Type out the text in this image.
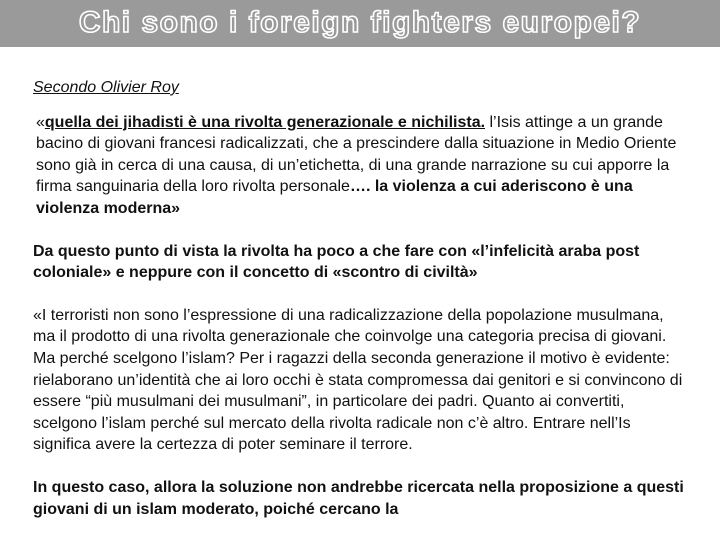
Chi sono i foreign fighters europei?
Secondo Olivier Roy

«quella dei jihadisti è una rivolta generazionale e nichilista. l’Isis attinge a un grande bacino di giovani francesi radicalizzati, che a prescindere dalla situazione in Medio Oriente sono già in cerca di una causa, di un’etichetta, di una grande narrazione su cui apporre la firma sanguinaria della loro rivolta personale…. la violenza a cui aderiscono è una violenza moderna»

Da questo punto di vista la rivolta ha poco a che fare con «l’infelicità araba post coloniale» e neppure con il concetto di «scontro di civiltà»

«I terroristi non sono l’espressione di una radicalizzazione della popolazione musulmana, ma il prodotto di una rivolta generazionale che coinvolge una categoria precisa di giovani. Ma perché scelgono l’islam? Per i ragazzi della seconda generazione il motivo è evidente: rielaborano un’identità che ai loro occhi è stata compromessa dai genitori e si convincono di essere “più musulmani dei musulmani”, in particolare dei padri. Quanto ai convertiti, scelgono l’islam perché sul mercato della rivolta radicale non c’è altro. Entrare nell’Is significa avere la certezza di poter seminare il terrore.

In questo caso, allora la soluzione non andrebbe ricercata nella proposizione a questi giovani di un islam moderato, poiché cercano la
